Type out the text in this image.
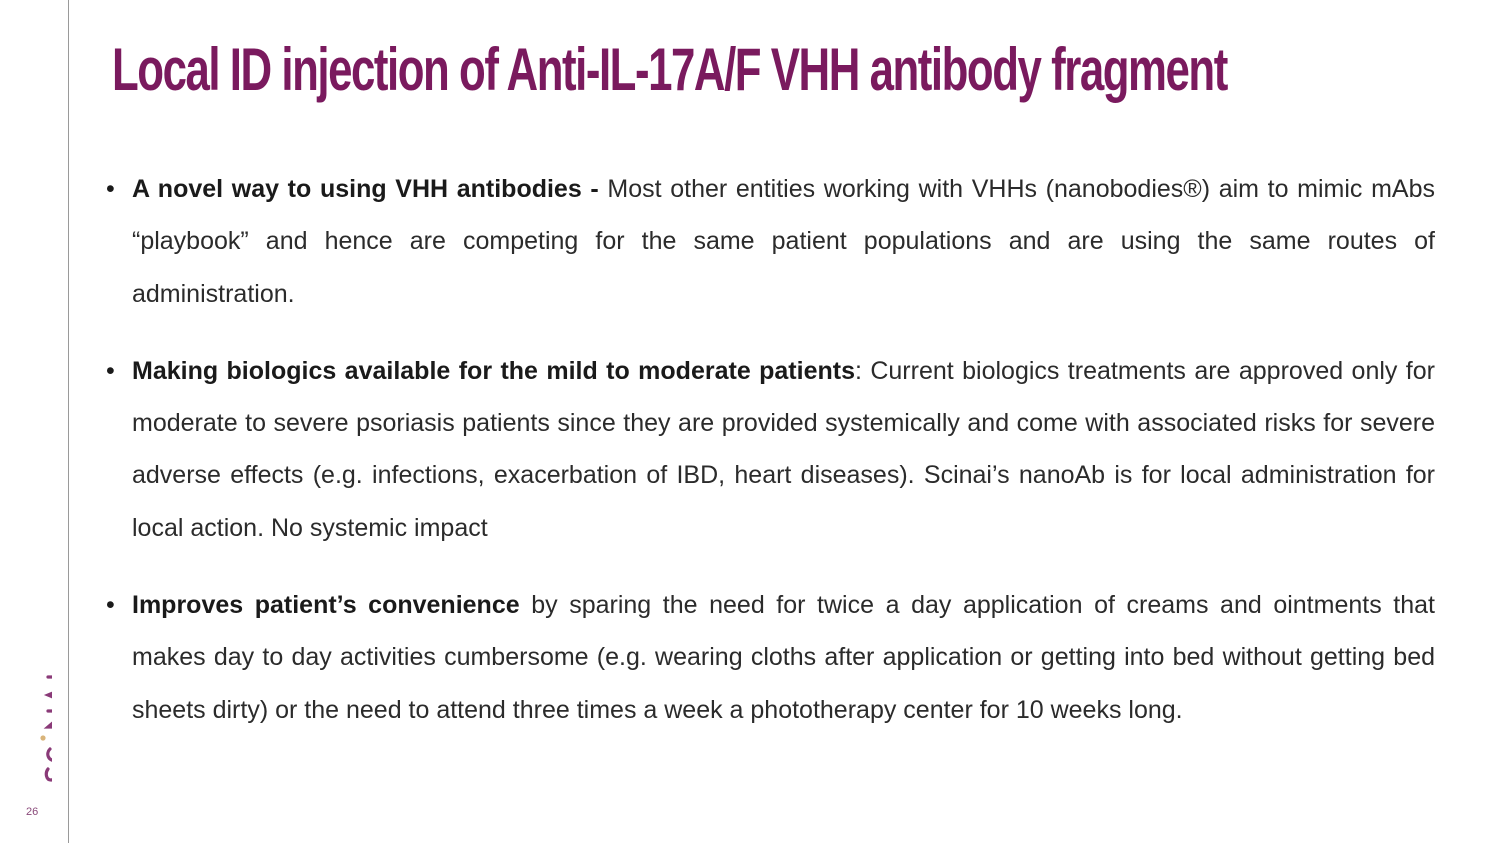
26
Local ID injection of Anti-IL-17A/F VHH antibody fragment
• A novel way to using VHH antibodies - Most other entities working with VHHs (nanobodies®) aim to mimic mAbs “playbook” and hence are competing for the same patient populations and are using the same routes of administration.
• Making biologics available for the mild to moderate patients: Current biologics treatments are approved only for moderate to severe psoriasis patients since they are provided systemically and come with associated risks for severe adverse effects (e.g. infections, exacerbation of IBD, heart diseases). Scinai’s nanoAb is for local administration for local action. No systemic impact
• Improves patient’s convenience by sparing the need for twice a day application of creams and ointments that makes day to day activities cumbersome (e.g. wearing cloths after application or getting into bed without getting bed sheets dirty) or the need to attend three times a week a phototherapy center for 10 weeks long.
